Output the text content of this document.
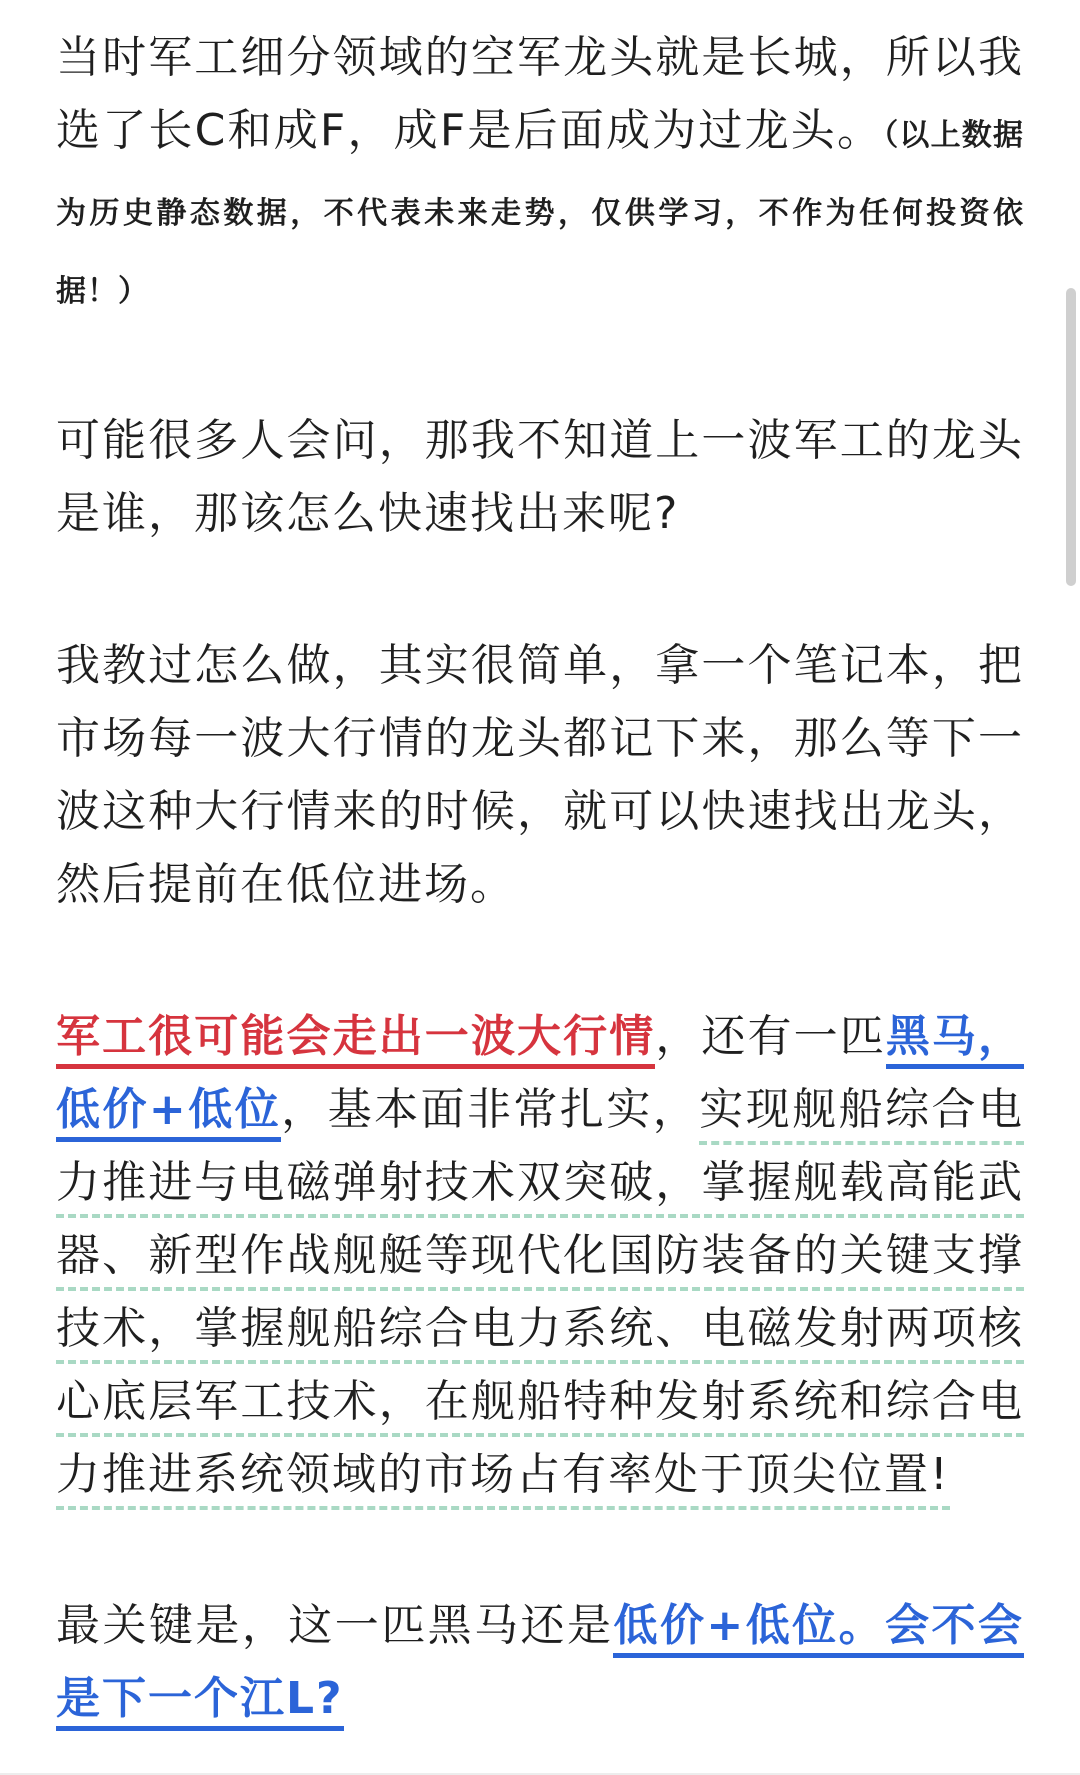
当时军工细分领域的空军龙头就是长城，所以我选了长C和成F，成F是后面成为过龙头。（以上数据为历史静态数据，不代表未来走势，仅供学习，不作为任何投资依据！）

可能很多人会问，那我不知道上一波军工的龙头是谁，那该怎么快速找出来呢?

我教过怎么做，其实很简单，拿一个笔记本，把市场每一波大行情的龙头都记下来，那么等下一波这种大行情来的时候，就可以快速找出龙头，然后提前在低位进场。

军工很可能会走出一波大行情，还有一匹黑马，低价+低位，基本面非常扎实，实现舰船综合电力推进与电磁弹射技术双突破，掌握舰载高能武器、新型作战舰艇等现代化国防装备的关键支撑技术，掌握舰船综合电力系统、电磁发射两项核心底层军工技术，在舰船特种发射系统和综合电力推进系统领域的市场占有率处于顶尖位置!

最关键是，这一匹黑马还是低价+低位。会不会是下一个江L?
